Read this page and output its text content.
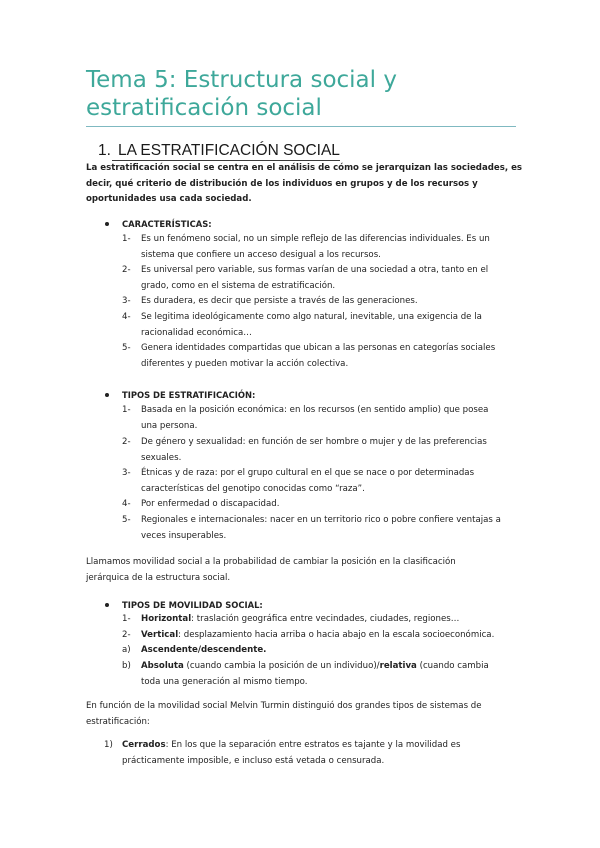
Tema 5: Estructura social y
estratificación social
1. LA ESTRATIFICACIÓN SOCIAL

La estratificación social se centra en el análisis de cómo se jerarquizan las sociedades, es
decir, qué criterio de distribución de los individuos en grupos y de los recursos y
oportunidades usa cada sociedad.

CARACTERÍSTICAS:

1- Es un fenómeno social, no un simple reflejo de las diferencias individuales. Es un
sistema que confiere un acceso desigual a los recursos.

2- Es universal pero variable, sus formas varían de una sociedad a otra, tanto en el
grado, como en el sistema de estratificación.

3- Es duradera, es decir que persiste a través de las generaciones.

4- Se legitima ideológicamente como algo natural, inevitable, una exigencia de la
racionalidad económica…

5- Genera identidades compartidas que ubican a las personas en categorías sociales
diferentes y pueden motivar la acción colectiva.

TIPOS DE ESTRATIFICACIÓN:

1- Basada en la posición económica: en los recursos (en sentido amplio) que posea
una persona.

2- De género y sexualidad: en función de ser hombre o mujer y de las preferencias
sexuales.

3- Étnicas y de raza: por el grupo cultural en el que se nace o por determinadas
características del genotipo conocidas como “raza”.

4- Por enfermedad o discapacidad.

5- Regionales e internacionales: nacer en un territorio rico o pobre confiere ventajas a
veces insuperables.

Llamamos movilidad social a la probabilidad de cambiar la posición en la clasificación
jerárquica de la estructura social.

TIPOS DE MOVILIDAD SOCIAL:

1- Horizontal: traslación geográfica entre vecindades, ciudades, regiones…

2- Vertical: desplazamiento hacia arriba o hacia abajo en la escala socioeconómica.

a) Ascendente/descendente.

b) Absoluta (cuando cambia la posición de un individuo)/relativa (cuando cambia
toda una generación al mismo tiempo.

En función de la movilidad social Melvin Turmin distinguió dos grandes tipos de sistemas de
estratificación:

1) Cerrados: En los que la separación entre estratos es tajante y la movilidad es
prácticamente imposible, e incluso está vetada o censurada.
